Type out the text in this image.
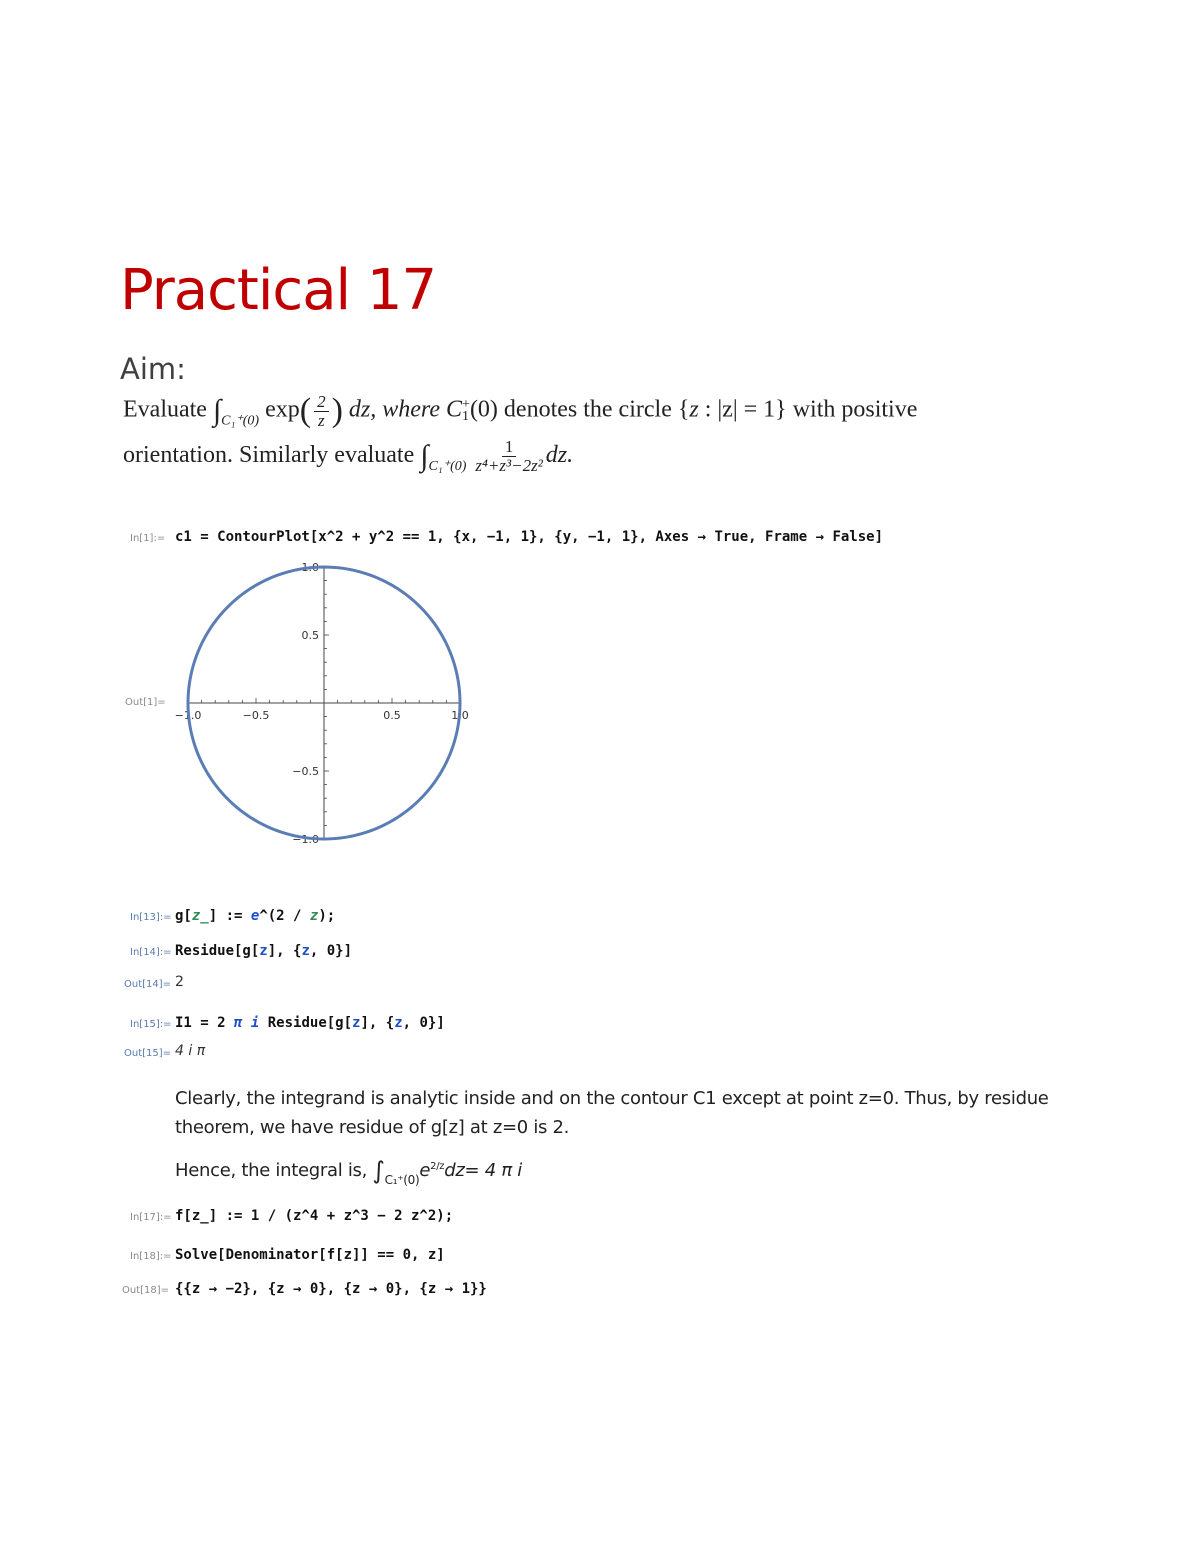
Practical 17
Aim:
Evaluate $\int_{C_1^+(0)}$ $\exp( \frac{2}{z}$ ) dz, where C +
1 (0) denotes the circle {z : |z| = 1} with positive
orientation. Similarly evaluate $\int_{C_1^+(0)} \frac{1}{\text{z⁴+z³−2z²}}$ dz.
In[1]:= c1 = ContourPlot[x^2 + y^2 == 1, {x, −1, 1}, {y, −1, 1}, Axes → True, Frame → False]
Out[1]=
−1.0	−0.5	0.5	1.0
1.0
0.5
−0.5
−1.0
In[13]:= g[z_] := e^(2 / z);
In[14]:= Residue[g[z], {z, 0}]
Out[14]= 2
In[15]:= I1 = 2 π i Residue[g[z], {z, 0}]
Out[15]= 4 i π
Clearly, the integrand is analytic inside and on the contour C1 except at point z=0. Thus, by residue
theorem, we have residue of g[z] at z=0 is 2.
Hence, the integral is, $\int_{C_1^+(0)}e^{2/z}dz= 4$ π i
In[17]:= f[z_] := 1 / (z^4 + z^3 − 2 z^2);
In[18]:= Solve[Denominator[f[z]] == 0, z]
Out[18]= {{z → −2}, {z → 0}, {z → 0}, {z → 1}}
